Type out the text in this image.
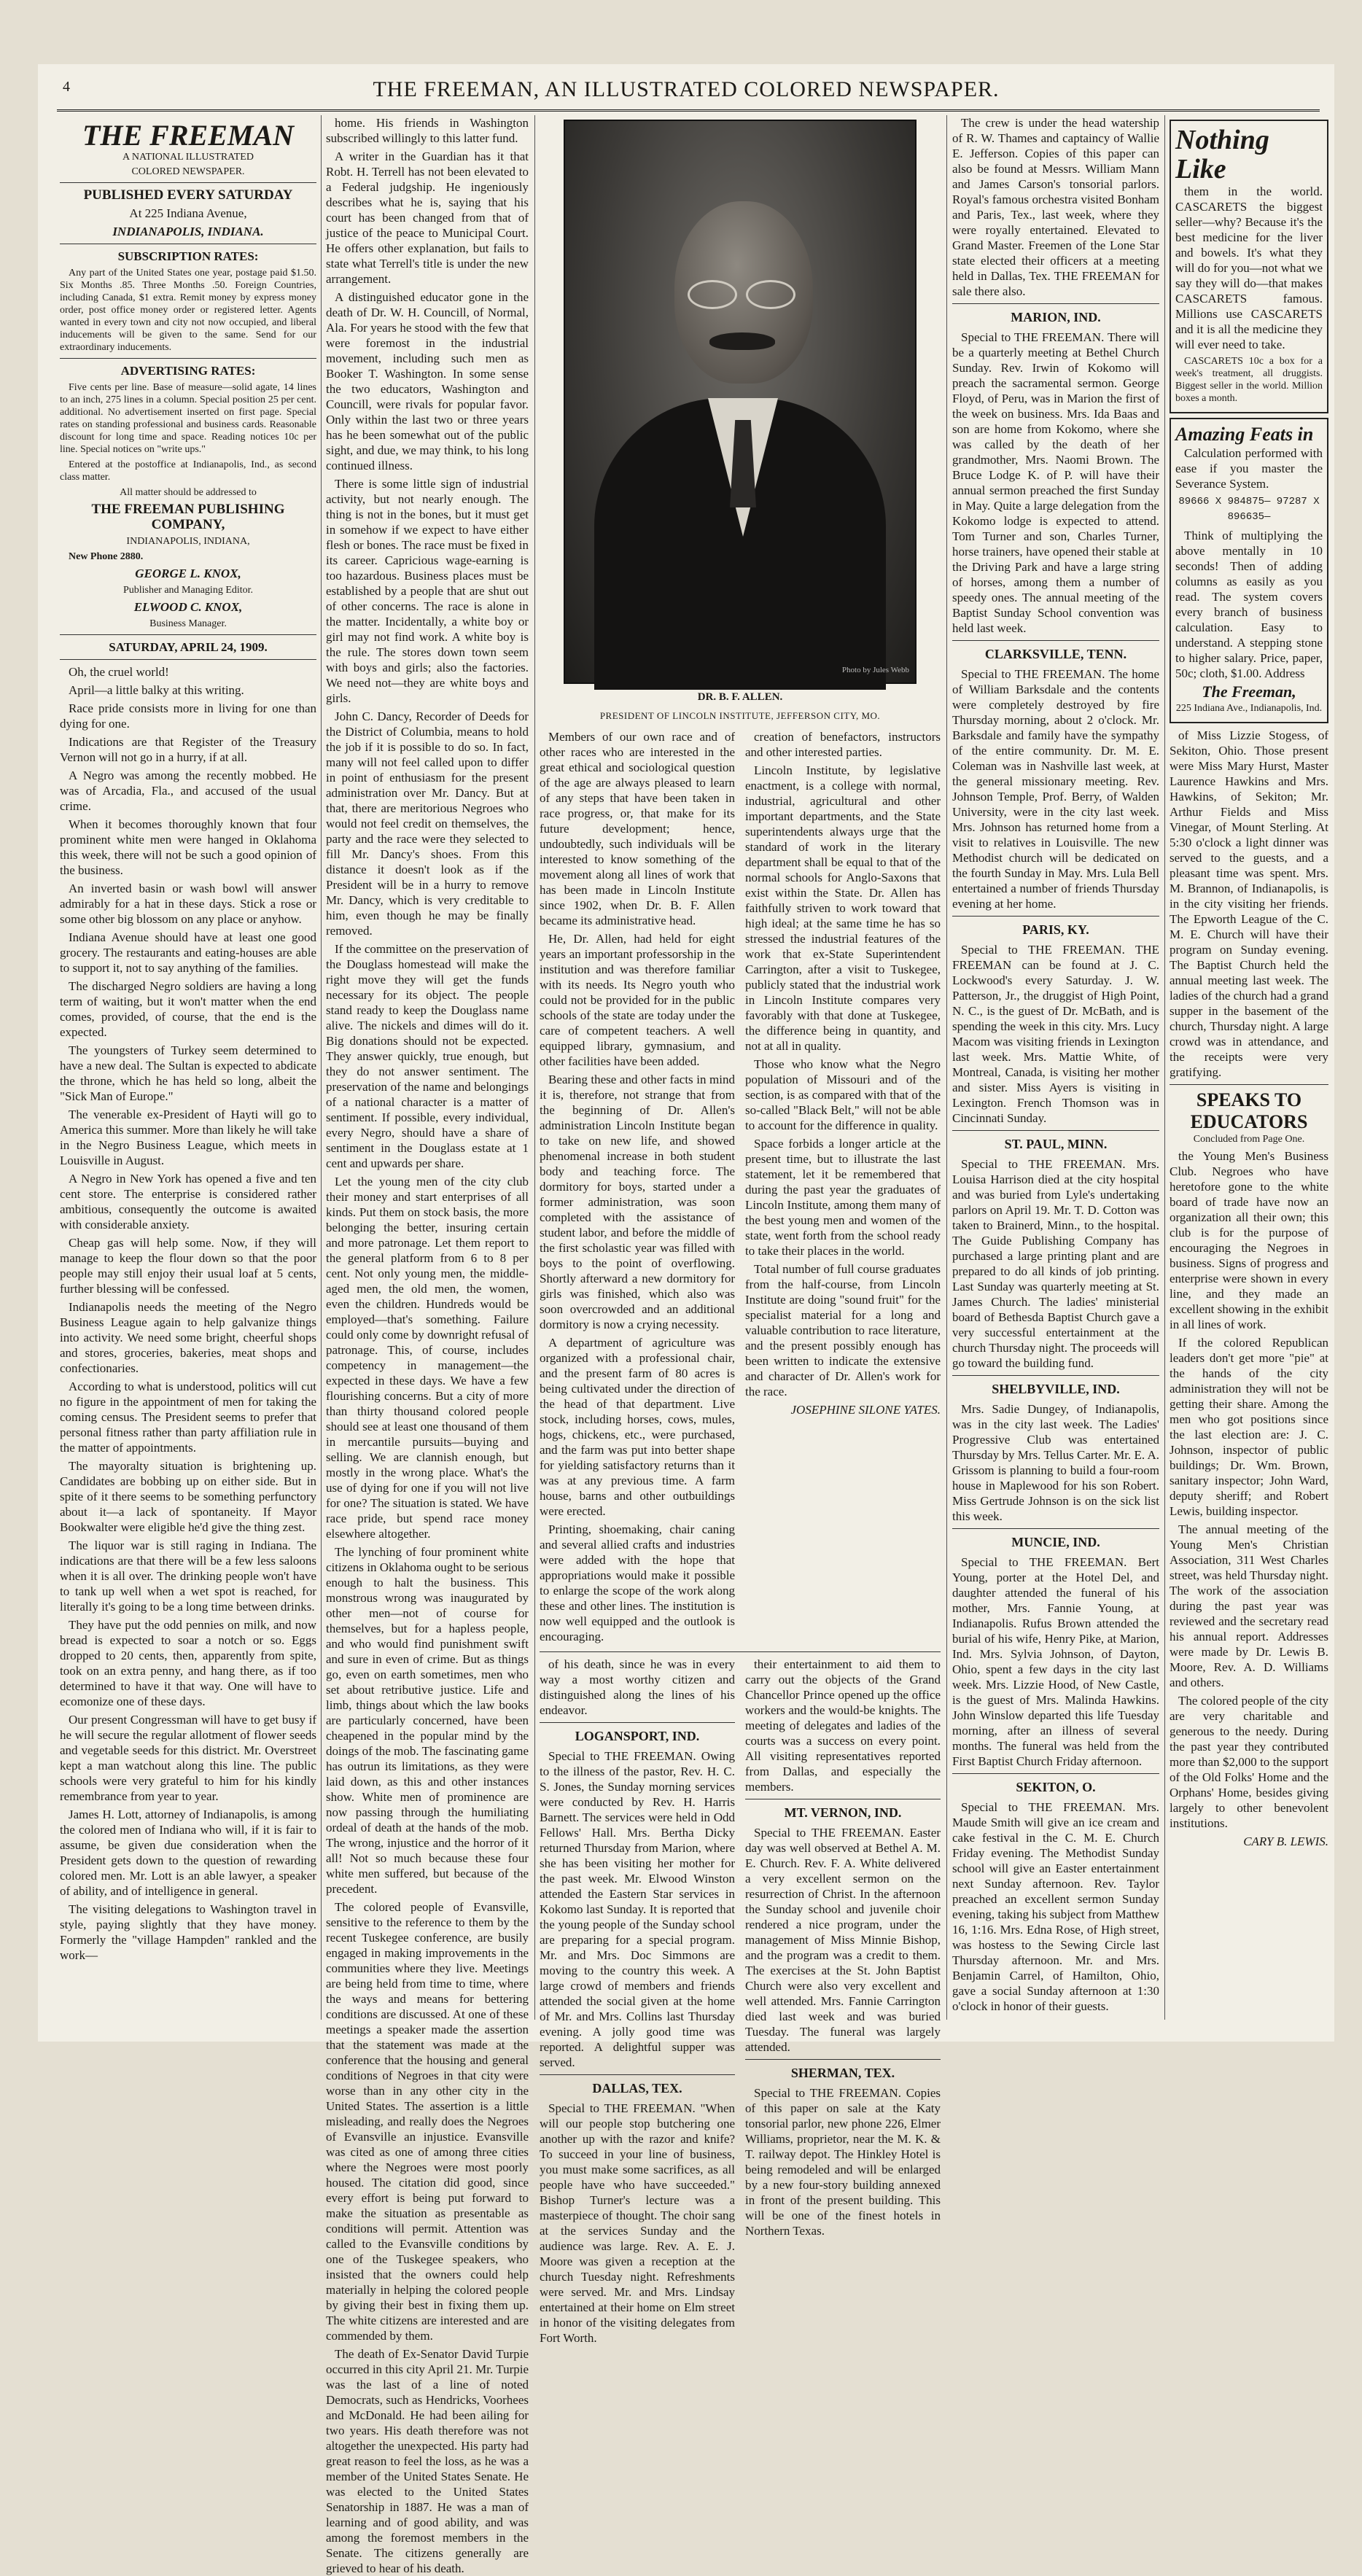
4	THE FREEMAN, AN ILLUSTRATED COLORED NEWSPAPER.
THE FREEMAN
A NATIONAL ILLUSTRATED
COLORED NEWSPAPER.

PUBLISHED EVERY SATURDAY

At 225 Indiana Avenue,

INDIANAPOLIS, INDIANA.

SUBSCRIPTION RATES:

Any part of the United States one year, postage paid $1.50. Six Months .85. Three Months .50. Foreign Countries, including Canada, $1 extra. Remit money by express money order, post office money order or registered letter. Agents wanted in every town and city not now occupied, and liberal inducements will be given to the same. Send for our extraordinary inducements.

ADVERTISING RATES:

Five cents per line. Base of measure—solid agate, 14 lines to an inch, 275 lines in a column. Special position 25 per cent. additional. No advertisement inserted on first page. Special rates on standing professional and business cards. Reasonable discount for long time and space. Reading notices 10c per line. Special notices on "write ups."

Entered at the postoffice at Indianapolis, Ind., as second class matter.

All matter should be addressed to

THE FREEMAN PUBLISHING COMPANY,

INDIANAPOLIS, INDIANA,

New Phone 2880.

GEORGE L. KNOX,

Publisher and Managing Editor.

ELWOOD C. KNOX,

Business Manager.

SATURDAY, APRIL 24, 1909.

Oh, the cruel world!

April—a little balky at this writing.

Race pride consists more in living for one than dying for one.

Indications are that Register of the Treasury Vernon will not go in a hurry, if at all.

A Negro was among the recently mobbed. He was of Arcadia, Fla., and accused of the usual crime.

When it becomes thoroughly known that four prominent white men were hanged in Oklahoma this week, there will not be such a good opinion of the business.

An inverted basin or wash bowl will answer admirably for a hat in these days. Stick a rose or some other big blossom on any place or anyhow.

Indiana Avenue should have at least one good grocery. The restaurants and eating-houses are able to support it, not to say anything of the families.

The discharged Negro soldiers are having a long term of waiting, but it won't matter when the end comes, provided, of course, that the end is the expected.

The youngsters of Turkey seem determined to have a new deal. The Sultan is expected to abdicate the throne, which he has held so long, albeit the "Sick Man of Europe."

The venerable ex-President of Hayti will go to America this summer. More than likely he will take in the Negro Business League, which meets in Louisville in August.

A Negro in New York has opened a five and ten cent store. The enterprise is considered rather ambitious, consequently the outcome is awaited with considerable anxiety.

Cheap gas will help some. Now, if they will manage to keep the flour down so that the poor people may still enjoy their usual loaf at 5 cents, further blessing will be confessed.

Indianapolis needs the meeting of the Negro Business League again to help galvanize things into activity. We need some bright, cheerful shops and stores, groceries, bakeries, meat shops and confectionaries.

According to what is understood, politics will cut no figure in the appointment of men for taking the coming census. The President seems to prefer that personal fitness rather than party affiliation rule in the matter of appointments.

The mayoralty situation is brightening up. Candidates are bobbing up on either side. But in spite of it there seems to be something perfunctory about it—a lack of spontaneity. If Mayor Bookwalter were eligible he'd give the thing zest.

The liquor war is still raging in Indiana. The indications are that there will be a few less saloons when it is all over. The drinking people won't have to tank up well when a wet spot is reached, for literally it's going to be a long time between drinks.

They have put the odd pennies on milk, and now bread is expected to soar a notch or so. Eggs dropped to 20 cents, then, apparently from spite, took on an extra penny, and hang there, as if too determined to have it that way. One will have to ecomonize one of these days.

Our present Congressman will have to get busy if he will secure the regular allotment of flower seeds and vegetable seeds for this district. Mr. Overstreet kept a man watchout along this line. The public schools were very grateful to him for his kindly remembrance from year to year.

James H. Lott, attorney of Indianapolis, is among the colored men of Indiana who will, if it is fair to assume, be given due consideration when the President gets down to the question of rewarding colored men. Mr. Lott is an able lawyer, a speaker of ability, and of intelligence in general.

The visiting delegations to Washington travel in style, paying slightly that they have money. Formerly the "village Hampden" rankled and the work—

home. His friends in Washington subscribed willingly to this latter fund.

A writer in the Guardian has it that Robt. H. Terrell has not been elevated to a Federal judgship. He ingeniously describes what he is, saying that his court has been changed from that of justice of the peace to Municipal Court. He offers other explanation, but fails to state what Terrell's title is under the new arrangement.

A distinguished educator gone in the death of Dr. W. H. Councill, of Normal, Ala. For years he stood with the few that were foremost in the industrial movement, including such men as Booker T. Washington. In some sense the two educators, Washington and Councill, were rivals for popular favor. Only within the last two or three years has he been somewhat out of the public sight, and due, we may think, to his long continued illness.

There is some little sign of industrial activity, but not nearly enough. The thing is not in the bones, but it must get in somehow if we expect to have either flesh or bones. The race must be fixed in its career. Capricious wage-earning is too hazardous. Business places must be established by a people that are shut out of other concerns. The race is alone in the matter. Incidentally, a white boy or girl may not find work. A white boy is the rule. The stores down town seem with boys and girls; also the factories. We need not—they are white boys and girls.

John C. Dancy, Recorder of Deeds for the District of Columbia, means to hold the job if it is possible to do so. In fact, many will not feel called upon to differ in point of enthusiasm for the present administration over Mr. Dancy. But at that, there are meritorious Negroes who would not feel credit on themselves, the party and the race were they selected to fill Mr. Dancy's shoes. From this distance it doesn't look as if the President will be in a hurry to remove Mr. Dancy, which is very creditable to him, even though he may be finally removed.

If the committee on the preservation of the Douglass homestead will make the right move they will get the funds necessary for its object. The people stand ready to keep the Douglass name alive. The nickels and dimes will do it. Big donations should not be expected. They answer quickly, true enough, but they do not answer sentiment. The preservation of the name and belongings of a national character is a matter of sentiment. If possible, every individual, every Negro, should have a share of sentiment in the Douglass estate at 1 cent and upwards per share.

Let the young men of the city club their money and start enterprises of all kinds. Put them on stock basis, the more belonging the better, insuring certain and more patronage. Let them report to the general platform from 6 to 8 per cent. Not only young men, the middle-aged men, the old men, the women, even the children. Hundreds would be employed—that's something. Failure could only come by downright refusal of patronage. This, of course, includes competency in management—the expected in these days. We have a few flourishing concerns. But a city of more than thirty thousand colored people should see at least one thousand of them in mercantile pursuits—buying and selling. We are clannish enough, but mostly in the wrong place. What's the use of dying for one if you will not live for one? The situation is stated. We have race pride, but spend race money elsewhere altogether.

The lynching of four prominent white citizens in Oklahoma ought to be serious enough to halt the business. This monstrous wrong was inaugurated by other men—not of course for themselves, but for a hapless people, and who would find punishment swift and sure in even of crime. But as things go, even on earth sometimes, men who set about retributive justice. Life and limb, things about which the law books are particularly concerned, have been cheapened in the popular mind by the doings of the mob. The fascinating game has outrun its limitations, as they were laid down, as this and other instances show. White men of prominence are now passing through the humiliating ordeal of death at the hands of the mob. The wrong, injustice and the horror of it all! Not so much because these four white men suffered, but because of the precedent.

The colored people of Evansville, sensitive to the reference to them by the recent Tuskegee conference, are busily engaged in making improvements in the communities where they live. Meetings are being held from time to time, where the ways and means for bettering conditions are discussed. At one of these meetings a speaker made the assertion that the statement was made at the conference that the housing and general conditions of Negroes in that city were worse than in any other city in the United States. The assertion is a little misleading, and really does the Negroes of Evansville an injustice. Evansville was cited as one of among three cities where the Negroes were most poorly housed. The citation did good, since every effort is being put forward to make the situation as presentable as conditions will permit. Attention was called to the Evansville conditions by one of the Tuskegee speakers, who insisted that the owners could help materially in helping the colored people by giving their best in fixing them up. The white citizens are interested and are commended by them.

The death of Ex-Senator David Turpie occurred in this city April 21. Mr. Turpie was the last of a line of noted Democrats, such as Hendricks, Voorhees and McDonald. He had been ailing for two years. His death therefore was not altogether the unexpected. His party had great reason to feel the loss, as he was a member of the United States Senate. He was elected to the United States Senatorship in 1887. He was a man of learning and of good ability, and was among the foremost members in the Senate. The citizens generally are grieved to hear of his death.

Photo by Jules Webb

DR. B. F. ALLEN.

PRESIDENT OF LINCOLN INSTITUTE, JEFFERSON CITY, MO.

Members of our own race and of other races who are interested in the great ethical and sociological question of the age are always pleased to learn of any steps that have been taken in race progress, or, that make for its future development; hence, undoubtedly, such individuals will be interested to know something of the movement along all lines of work that has been made in Lincoln Institute since 1902, when Dr. B. F. Allen became its administrative head.

He, Dr. Allen, had held for eight years an important professorship in the institution and was therefore familiar with its needs. Its Negro youth who could not be provided for in the public schools of the state are today under the care of competent teachers. A well equipped library, gymnasium, and other facilities have been added.

Bearing these and other facts in mind it is, therefore, not strange that from the beginning of Dr. Allen's administration Lincoln Institute began to take on new life, and showed phenomenal increase in both student body and teaching force. The dormitory for boys, started under a former administration, was soon completed with the assistance of student labor, and before the middle of the first scholastic year was filled with boys to the point of overflowing. Shortly afterward a new dormitory for girls was finished, which also was soon overcrowded and an additional dormitory is now a crying necessity.

A department of agriculture was organized with a professional chair, and the present farm of 80 acres is being cultivated under the direction of the head of that department. Live stock, including horses, cows, mules, hogs, chickens, etc., were purchased, and the farm was put into better shape for yielding satisfactory returns than it was at any previous time. A farm house, barns and other outbuildings were erected.

Printing, shoemaking, chair caning and several allied crafts and industries were added with the hope that appropriations would make it possible to enlarge the scope of the work along these and other lines. The institution is now well equipped and the outlook is encouraging.

creation of benefactors, instructors and other interested parties.

Lincoln Institute, by legislative enactment, is a college with normal, industrial, agricultural and other important departments, and the State superintendents always urge that the standard of work in the literary department shall be equal to that of the normal schools for Anglo-Saxons that exist within the State. Dr. Allen has faithfully striven to work toward that high ideal; at the same time he has so stressed the industrial features of the work that ex-State Superintendent Carrington, after a visit to Tuskegee, publicly stated that the industrial work in Lincoln Institute compares very favorably with that done at Tuskegee, the difference being in quantity, and not at all in quality.

Those who know what the Negro population of Missouri and of the section, is as compared with that of the so-called "Black Belt," will not be able to account for the difference in quality.

Space forbids a longer article at the present time, but to illustrate the last statement, let it be remembered that during the past year the graduates of Lincoln Institute, among them many of the best young men and women of the state, went forth from the school ready to take their places in the world.

Total number of full course graduates from the half-course, from Lincoln Institute are doing "sound fruit" for the specialist material for a long and valuable contribution to race literature, and the present possibly enough has been written to indicate the extensive and character of Dr. Allen's work for the race.

JOSEPHINE SILONE YATES.

of his death, since he was in every way a most worthy citizen and distinguished along the lines of his endeavor.

LOGANSPORT, IND.

Special to THE FREEMAN. Owing to the illness of the pastor, Rev. H. C. S. Jones, the Sunday morning services were conducted by Rev. H. Harris Barnett. The services were held in Odd Fellows' Hall. Mrs. Bertha Dicky returned Thursday from Marion, where she has been visiting her mother for the past week. Mr. Elwood Winston attended the Eastern Star services in Kokomo last Sunday. It is reported that the young people of the Sunday school are preparing for a special program. Mr. and Mrs. Doc Simmons are moving to the country this week. A large crowd of members and friends attended the social given at the home of Mr. and Mrs. Collins last Thursday evening. A jolly good time was reported. A delightful supper was served.

DALLAS, TEX.

Special to THE FREEMAN. "When will our people stop butchering one another up with the razor and knife? To succeed in your line of business, you must make some sacrifices, as all people have who have succeeded." Bishop Turner's lecture was a masterpiece of thought. The choir sang at the services Sunday and the audience was large. Rev. A. E. J. Moore was given a reception at the church Tuesday night. Refreshments were served. Mr. and Mrs. Lindsay entertained at their home on Elm street in honor of the visiting delegates from Fort Worth.

their entertainment to aid them to carry out the objects of the Grand Chancellor Prince opened up the office workers and the would-be knights. The meeting of delegates and ladies of the courts was a success on every point. All visiting representatives reported from Dallas, and especially the members.

MT. VERNON, IND.

Special to THE FREEMAN. Easter day was well observed at Bethel A. M. E. Church. Rev. F. A. White delivered a very excellent sermon on the resurrection of Christ. In the afternoon the Sunday school and juvenile choir rendered a nice program, under the management of Miss Minnie Bishop, and the program was a credit to them. The exercises at the St. John Baptist Church were also very excellent and well attended. Mrs. Fannie Carrington died last week and was buried Tuesday. The funeral was largely attended.

SHERMAN, TEX.

Special to THE FREEMAN. Copies of this paper on sale at the Katy tonsorial parlor, new phone 226, Elmer Williams, proprietor, near the M. K. & T. railway depot. The Hinkley Hotel is being remodeled and will be enlarged by a new four-story building annexed in front of the present building. This will be one of the finest hotels in Northern Texas.

The crew is under the head watership of R. W. Thames and captaincy of Wallie E. Jefferson. Copies of this paper can also be found at Messrs. William Mann and James Carson's tonsorial parlors. Royal's famous orchestra visited Bonham and Paris, Tex., last week, where they were royally entertained. Elevated to Grand Master. Freemen of the Lone Star state elected their officers at a meeting held in Dallas, Tex. THE FREEMAN for sale there also.

MARION, IND.

Special to THE FREEMAN. There will be a quarterly meeting at Bethel Church Sunday. Rev. Irwin of Kokomo will preach the sacramental sermon. George Floyd, of Peru, was in Marion the first of the week on business. Mrs. Ida Baas and son are home from Kokomo, where she was called by the death of her grandmother, Mrs. Naomi Brown. The Bruce Lodge K. of P. will have their annual sermon preached the first Sunday in May. Quite a large delegation from the Kokomo lodge is expected to attend. Tom Turner and son, Charles Turner, horse trainers, have opened their stable at the Driving Park and have a large string of horses, among them a number of speedy ones. The annual meeting of the Baptist Sunday School convention was held last week.

CLARKSVILLE, TENN.

Special to THE FREEMAN. The home of William Barksdale and the contents were completely destroyed by fire Thursday morning, about 2 o'clock. Mr. Barksdale and family have the sympathy of the entire community. Dr. M. E. Coleman was in Nashville last week, at the general missionary meeting. Rev. Johnson Temple, Prof. Berry, of Walden University, were in the city last week. Mrs. Johnson has returned home from a visit to relatives in Louisville. The new Methodist church will be dedicated on the fourth Sunday in May. Mrs. Lula Bell entertained a number of friends Thursday evening at her home.

PARIS, KY.

Special to THE FREEMAN. THE FREEMAN can be found at J. C. Lockwood's every Saturday. J. W. Patterson, Jr., the druggist of High Point, N. C., is the guest of Dr. McBath, and is spending the week in this city. Mrs. Lucy Macom was visiting friends in Lexington last week. Mrs. Mattie White, of Montreal, Canada, is visiting her mother and sister. Miss Ayers is visiting in Lexington. French Thomson was in Cincinnati Sunday.

ST. PAUL, MINN.

Special to THE FREEMAN. Mrs. Louisa Harrison died at the city hospital and was buried from Lyle's undertaking parlors on April 19. Mr. T. D. Cotton was taken to Brainerd, Minn., to the hospital. The Guide Publishing Company has purchased a large printing plant and are prepared to do all kinds of job printing. Last Sunday was quarterly meeting at St. James Church. The ladies' ministerial board of Bethesda Baptist Church gave a very successful entertainment at the church Thursday night. The proceeds will go toward the building fund.

SHELBYVILLE, IND.

Mrs. Sadie Dungey, of Indianapolis, was in the city last week. The Ladies' Progressive Club was entertained Thursday by Mrs. Tellus Carter. Mr. E. A. Grissom is planning to build a four-room house in Maplewood for his son Robert. Miss Gertrude Johnson is on the sick list this week.

MUNCIE, IND.

Special to THE FREEMAN. Bert Young, porter at the Hotel Del, and daughter attended the funeral of his mother, Mrs. Fannie Young, at Indianapolis. Rufus Brown attended the burial of his wife, Henry Pike, at Marion, Ind. Mrs. Sylvia Johnson, of Dayton, Ohio, spent a few days in the city last week. Mrs. Lizzie Hood, of New Castle, is the guest of Mrs. Malinda Hawkins. John Winslow departed this life Tuesday morning, after an illness of several months. The funeral was held from the First Baptist Church Friday afternoon.

SEKITON, O.

Special to THE FREEMAN. Mrs. Maude Smith will give an ice cream and cake festival in the C. M. E. Church Friday evening. The Methodist Sunday school will give an Easter entertainment next Sunday afternoon. Rev. Taylor preached an excellent sermon Sunday evening, taking his subject from Matthew 16, 1:16. Mrs. Edna Rose, of High street, was hostess to the Sewing Circle last Thursday afternoon. Mr. and Mrs. Benjamin Carrel, of Hamilton, Ohio, gave a social Sunday afternoon at 1:30 o'clock in honor of their guests.

Nothing
Like

them in the world. CASCARETS the biggest seller—why? Because it's the best medicine for the liver and bowels. It's what they will do for you—not what we say they will do—that makes CASCARETS famous. Millions use CASCARETS and it is all the medicine they will ever need to take.

CASCARETS 10c a box for a week's treatment, all druggists. Biggest seller in the world. Million boxes a month.

Amazing Feats in

Calculation performed with ease if you master the Severance System.

89666 X 984875— 97287 X 896635—

Think of multiplying the above mentally in 10 seconds! Then of adding columns as easily as you read. The system covers every branch of business calculation. Easy to understand. A stepping stone to higher salary. Price, paper, 50c; cloth, $1.00. Address

The Freeman,

225 Indiana Ave., Indianapolis, Ind.

of Miss Lizzie Stogess, of Sekiton, Ohio. Those present were Miss Mary Hurst, Master Laurence Hawkins and Mrs. Hawkins, of Sekiton; Mr. Arthur Fields and Miss Vinegar, of Mount Sterling. At 5:30 o'clock a light dinner was served to the guests, and a pleasant time was spent. Mrs. M. Brannon, of Indianapolis, is in the city visiting her friends. The Epworth League of the C. M. E. Church will have their program on Sunday evening. The Baptist Church held the annual meeting last week. The ladies of the church had a grand supper in the basement of the church, Thursday night. A large crowd was in attendance, and the receipts were very gratifying.

SPEAKS TO EDUCATORS

Concluded from Page One.

the Young Men's Business Club. Negroes who have heretofore gone to the white board of trade have now an organization all their own; this club is for the purpose of encouraging the Negroes in business. Signs of progress and enterprise were shown in every line, and they made an excellent showing in the exhibit in all lines of work.

If the colored Republican leaders don't get more "pie" at the hands of the city administration they will not be getting their share. Among the men who got positions since the last election are: J. C. Johnson, inspector of public buildings; Dr. Wm. Brown, sanitary inspector; John Ward, deputy sheriff; and Robert Lewis, building inspector.

The annual meeting of the Young Men's Christian Association, 311 West Charles street, was held Thursday night. The work of the association during the past year was reviewed and the secretary read his annual report. Addresses were made by Dr. Lewis B. Moore, Rev. A. D. Williams and others.

The colored people of the city are very charitable and generous to the needy. During the past year they contributed more than $2,000 to the support of the Old Folks' Home and the Orphans' Home, besides giving largely to other benevolent institutions.

CARY B. LEWIS.
